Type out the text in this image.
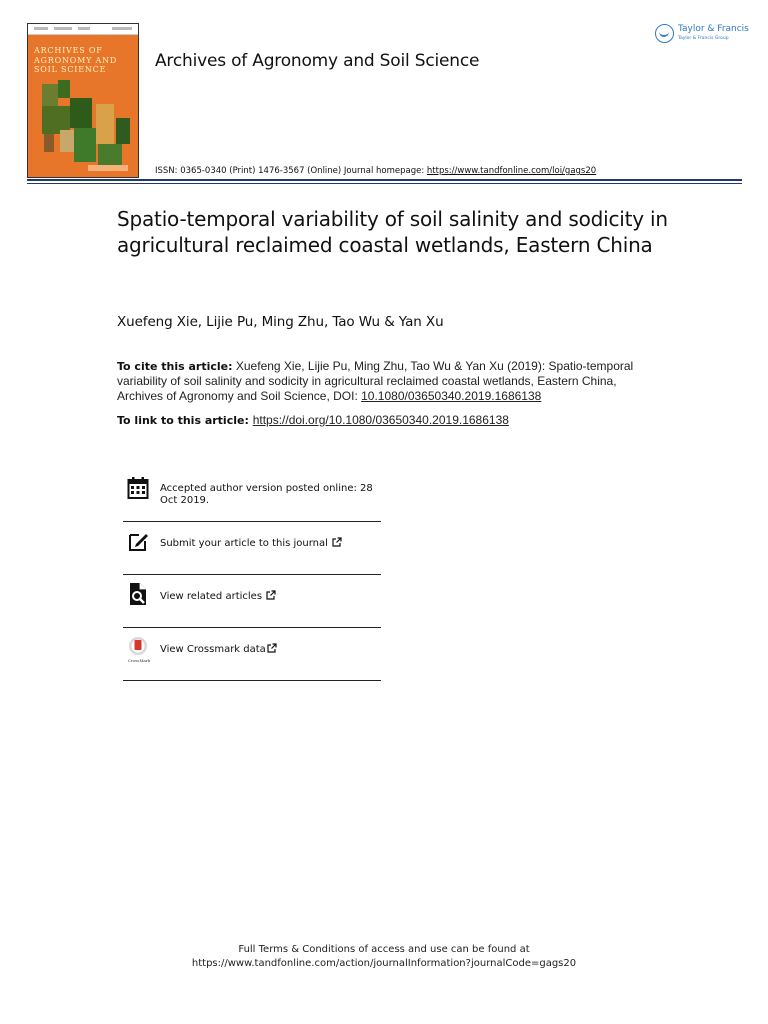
ARCHIVES OF AGRONOMY AND SOIL SCIENCE	Archives of Agronomy and Soil Science
Taylor & Francis
Taylor & Francis Group
ISSN: 0365-0340 (Print) 1476-3567 (Online) Journal homepage: https://www.tandfonline.com/loi/gags20
Spatio-temporal variability of soil salinity and sodicity in agricultural reclaimed coastal wetlands, Eastern China
Xuefeng Xie, Lijie Pu, Ming Zhu, Tao Wu & Yan Xu
To cite this article: Xuefeng Xie, Lijie Pu, Ming Zhu, Tao Wu & Yan Xu (2019): Spatio-temporal variability of soil salinity and sodicity in agricultural reclaimed coastal wetlands, Eastern China, Archives of Agronomy and Soil Science, DOI: 10.1080/03650340.2019.1686138
To link to this article: https://doi.org/10.1080/03650340.2019.1686138
Accepted author version posted online: 28 Oct 2019.
Submit your article to this journal
View related articles
CrossMark
View Crossmark data
Full Terms & Conditions of access and use can be found at
https://www.tandfonline.com/action/journalInformation?journalCode=gags20
